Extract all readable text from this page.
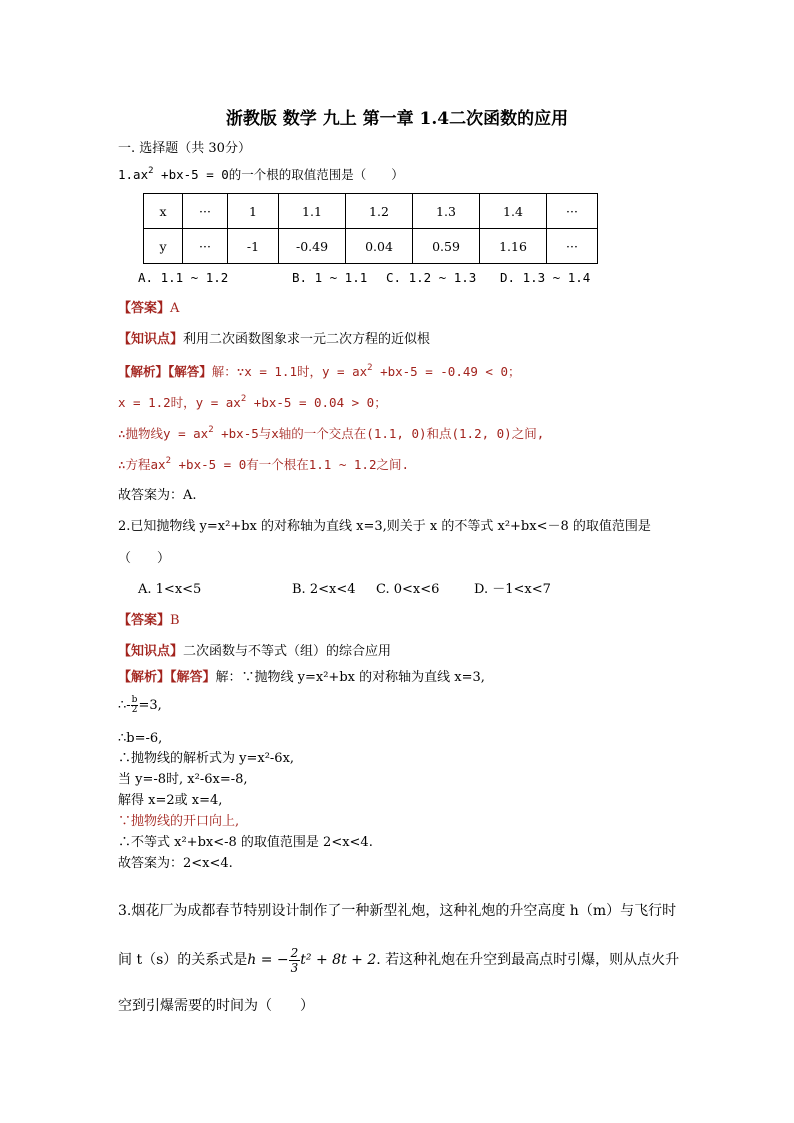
浙教版 数学 九上 第一章 1.4二次函数的应用
一. 选择题（共 30分）
$1.ax^2 +bx-5 = 0$的一个根的取值范围是（　　）
x	···	1	1.1	1.2	1.3	1.4	···
y	···	-1	-0.49	0.04	0.59	1.16	···
A. 1.1 ~ 1.2	B. 1 ~ 1.1 C. 1.2 ~ 1.3 D. 1.3 ~ 1.4
【答案】A
【知识点】利用二次函数图象求一元二次方程的近似根
【解析】【解答】解：∵x = 1.1时，$y = ax^2 +bx-5 = -0.49 < 0$；
x = 1.2时，$y = ax^2 +bx-5 = 0.04 > 0$；
∴抛物线$y = ax^2 +bx-5$与x轴的一个交点在(1.1, 0)和点(1.2, 0)之间,
∴方程$ax^2 +bx-5 = 0$有一个根在1.1 ~ 1.2之间.
故答案为：A.
2.已知抛物线 y=x²+bx 的对称轴为直线 x=3,则关于 x 的不等式 x²+bx<－8 的取值范围是
（　　）
A. 1<x<5	B. 2<x<4 C. 0<x<6	D. －1<x<7
【答案】B
【知识点】二次函数与不等式（组）的综合应用
【解析】【解答】解：∵抛物线 y=x²+bx 的对称轴为直线 x=3,
∴- $\frac{b}{2} =3$,
∴b=-6,
∴抛物线的解析式为 y=x²-6x,
当 y=-8时, x²-6x=-8,
解得 x=2或 x=4,
∵抛物线的开口向上,
∴不等式 x²+bx<-8 的取值范围是 2<x<4.
故答案为：2<x<4.
3.烟花厂为成都春节特别设计制作了一种新型礼炮，这种礼炮的升空高度 h（m）与飞行时
间 t（s）的关系式是h = − $\frac{2}{3}t^2 + 8t + 2$. 若这种礼炮在升空到最高点时引爆，则从点火升
空到引爆需要的时间为（　　）
